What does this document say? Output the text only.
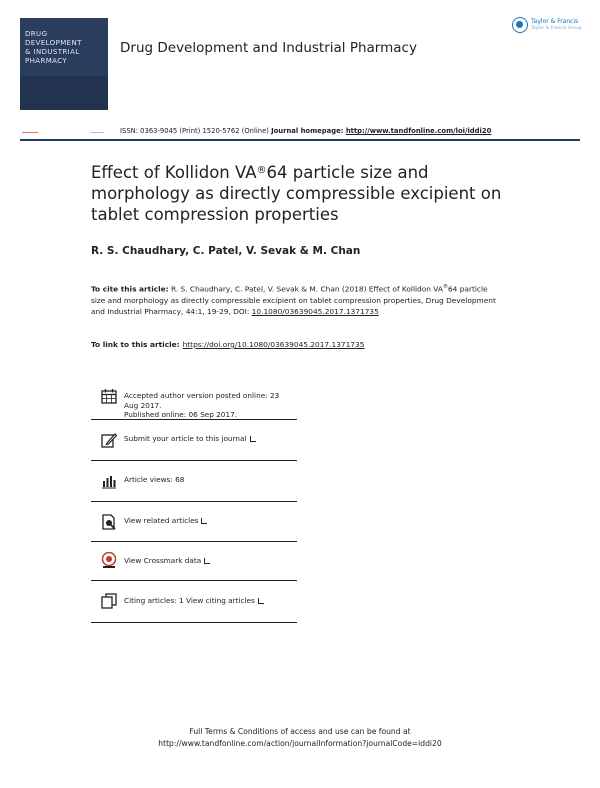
DRUG DEVELOPMENT
& INDUSTRIAL
PHARMACY
Drug Development and Industrial Pharmacy
Taylor & Francis
Taylor & Francis Group
ISSN: 0363-9045 (Print) 1520-5762 (Online) Journal homepage: http://www.tandfonline.com/loi/iddi20
Effect of Kollidon VA®64 particle size and morphology as directly compressible excipient on tablet compression properties
R. S. Chaudhary, C. Patel, V. Sevak & M. Chan
To cite this article: R. S. Chaudhary, C. Patel, V. Sevak & M. Chan (2018) Effect of Kollidon VA®64 particle size and morphology as directly compressible excipient on tablet compression properties, Drug Development and Industrial Pharmacy, 44:1, 19-29, DOI: 10.1080/03639045.2017.1371735
To link to this article: https://doi.org/10.1080/03639045.2017.1371735
Accepted author version posted online: 23 Aug 2017.
Published online: 06 Sep 2017.
Submit your article to this journal
Article views: 68
View related articles
View Crossmark data
Citing articles: 1 View citing articles
Full Terms & Conditions of access and use can be found at
http://www.tandfonline.com/action/journalInformation?journalCode=iddi20
